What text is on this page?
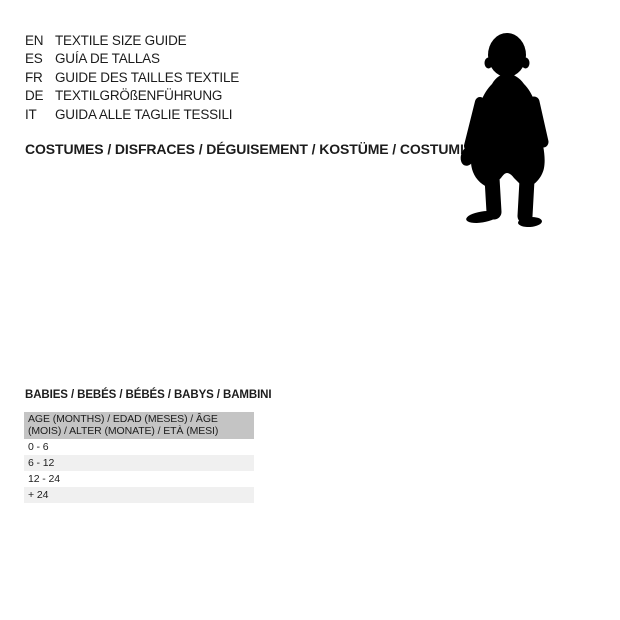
EN TEXTILE SIZE GUIDE
ES GUÍA DE TALLAS
FR GUIDE DES TAILLES TEXTILE
DE TEXTILGRÖßENFÜHRUNG
IT	GUIDA ALLE TAGLIE TESSILI
COSTUMES / DISFRACES / DÉGUISEMENT / KOSTÜME / COSTUMI
BABIES / BEBÉS / BÉBÉS / BABYS / BAMBINI
AGE (MONTHS) / EDAD (MESES) / ÂGE (MOIS) / ALTER (MONATE) / ETÀ (MESI)
0 - 6
6 - 12
12 - 24
+ 24
